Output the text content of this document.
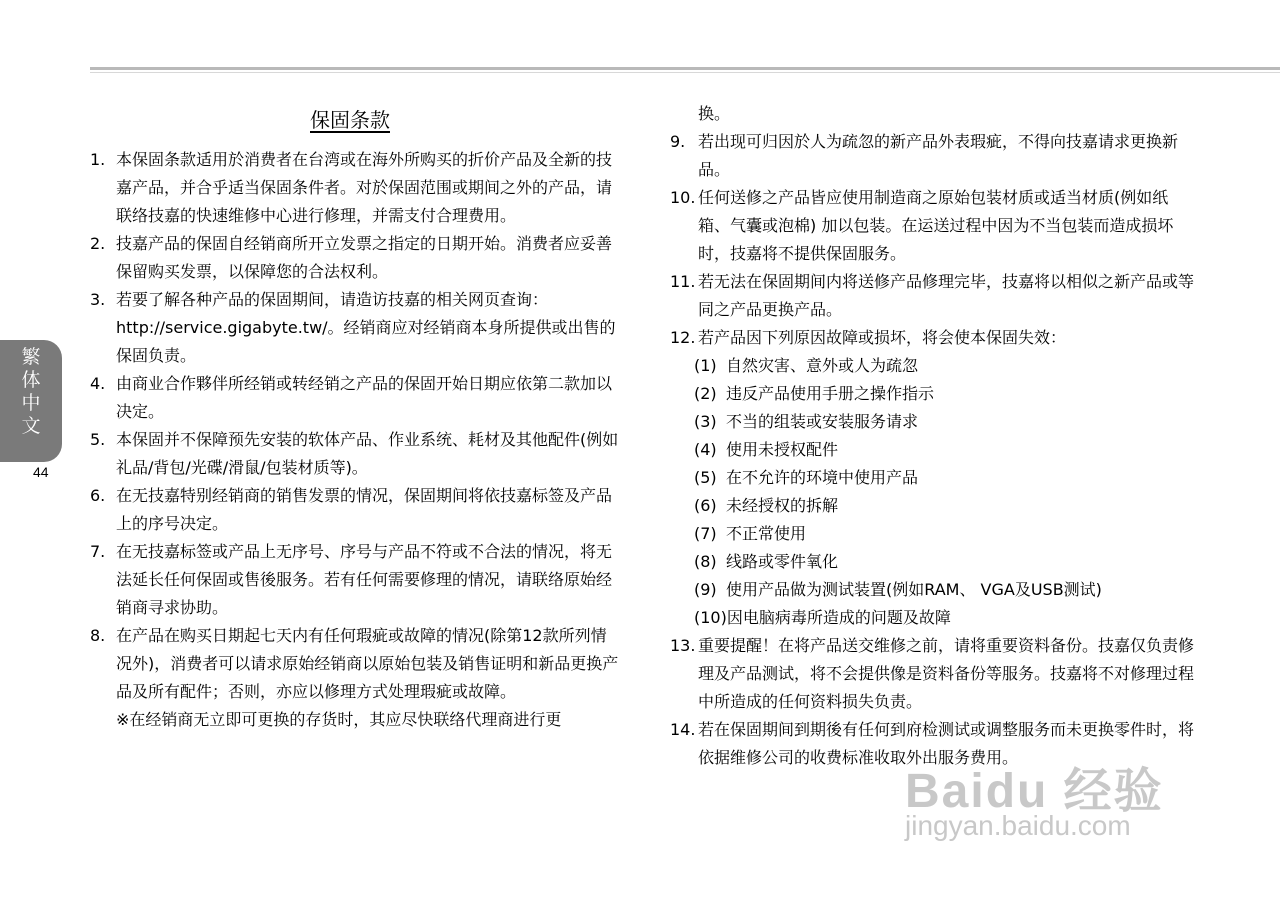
繁
体
中
文
44
保固条款
1. 本保固条款适用於消费者在台湾或在海外所购买的折价产品及全新的技嘉产品，并合乎适当保固条件者。对於保固范围或期间之外的产品，请联络技嘉的快速维修中心进行修理，并需支付合理费用。
2. 技嘉产品的保固自经销商所开立发票之指定的日期开始。消费者应妥善保留购买发票，以保障您的合法权利。
3. 若要了解各种产品的保固期间，请造访技嘉的相关网页查询：http://service.gigabyte.tw/。经销商应对经销商本身所提供或出售的保固负责。
4. 由商业合作夥伴所经销或转经销之产品的保固开始日期应依第二款加以决定。
5. 本保固并不保障预先安装的软体产品、作业系统、耗材及其他配件(例如礼品/背包/光碟/滑鼠/包装材质等)。
6. 在无技嘉特别经销商的销售发票的情况，保固期间将依技嘉标签及产品上的序号决定。
7. 在无技嘉标签或产品上无序号、序号与产品不符或不合法的情况，将无法延长任何保固或售後服务。若有任何需要修理的情况，请联络原始经销商寻求协助。
8. 在产品在购买日期起七天内有任何瑕疵或故障的情况(除第12款所列情况外)，消费者可以请求原始经销商以原始包装及销售证明和新品更换产品及所有配件；否则，亦应以修理方式处理瑕疵或故障。
※在经销商无立即可更换的存货时，其应尽快联络代理商进行更
换。
9. 若出现可归因於人为疏忽的新产品外表瑕疵，不得向技嘉请求更换新品。
10. 任何送修之产品皆应使用制造商之原始包装材质或适当材质(例如纸箱、气囊或泡棉) 加以包装。在运送过程中因为不当包装而造成损坏时，技嘉将不提供保固服务。
11. 若无法在保固期间内将送修产品修理完毕，技嘉将以相似之新产品或等同之产品更换产品。
12. 若产品因下列原因故障或损坏，将会使本保固失效：
(1) 自然灾害、意外或人为疏忽
(2) 违反产品使用手册之操作指示
(3) 不当的组装或安装服务请求
(4) 使用未授权配件
(5) 在不允许的环境中使用产品
(6) 未经授权的拆解
(7) 不正常使用
(8) 线路或零件氧化
(9) 使用产品做为测试装置(例如RAM、 VGA及USB测试)
(10)因电脑病毒所造成的问题及故障
13. 重要提醒！在将产品送交维修之前，请将重要资料备份。技嘉仅负责修理及产品测试，将不会提供像是资料备份等服务。技嘉将不对修理过程中所造成的任何资料损失负责。
14. 若在保固期间到期後有任何到府检测试或调整服务而未更换零件时，将依据维修公司的收费标准收取外出服务费用。
Baidu 经验
jingyan.baidu.com
